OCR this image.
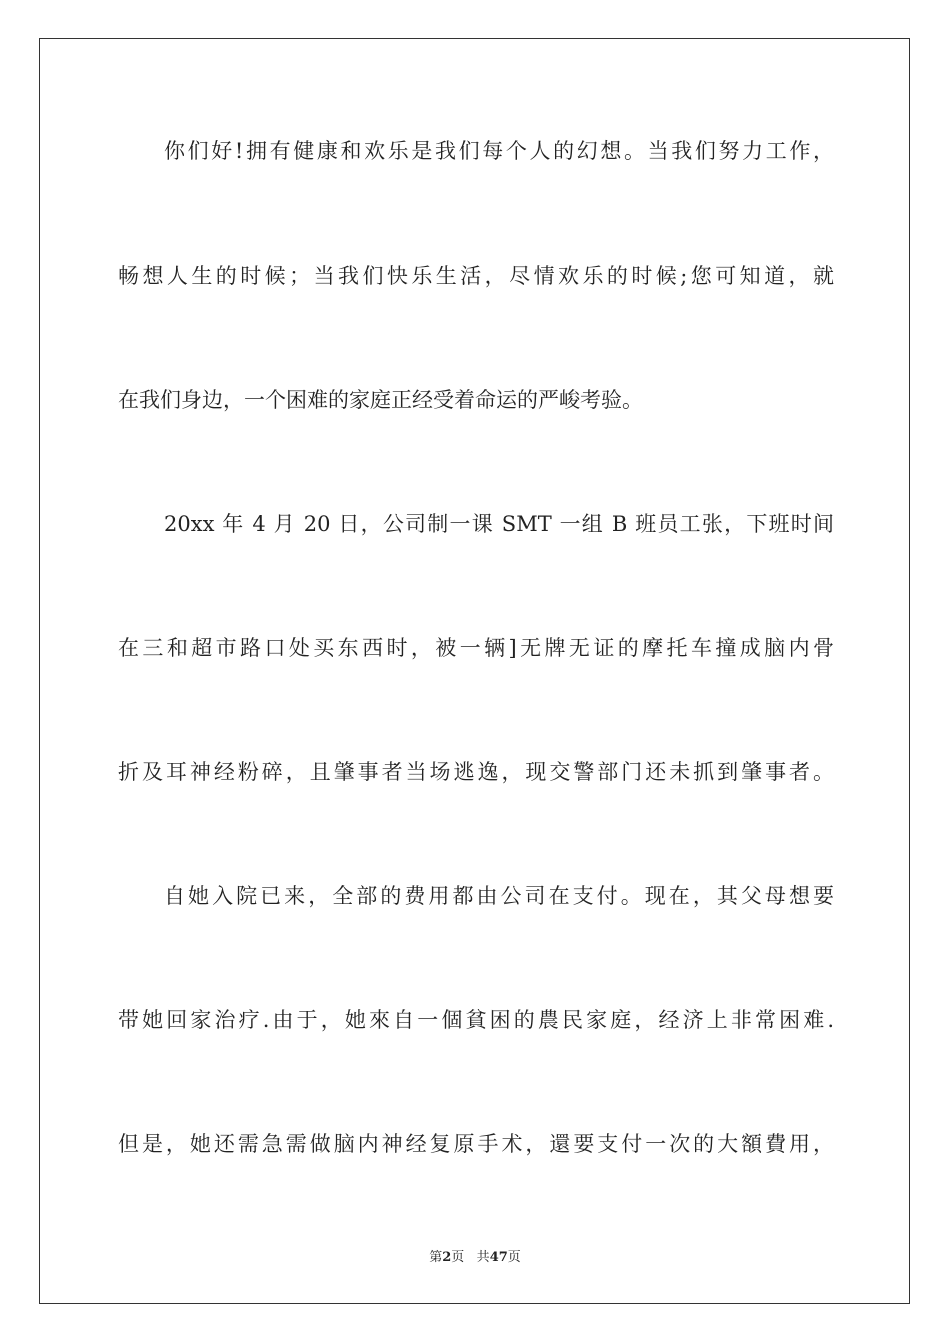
你们好!拥有健康和欢乐是我们每个人的幻想。当我们努力工作，
畅想人生的时候；当我们快乐生活，尽情欢乐的时候;您可知道，就
在我们身边，一个困难的家庭正经受着命运的严峻考验。
20xx 年 4 月 20 日，公司制一课 SMT 一组 B 班员工张，下班时间
在三和超市路口处买东西时，被一辆]无牌无证的摩托车撞成脑内骨
折及耳神经粉碎，且肇事者当场逃逸，现交警部门还未抓到肇事者。
自她入院已来，全部的费用都由公司在支付。现在，其父母想要
带她回家治疗.由于，她來自一個貧困的農民家庭，经济上非常困难.
但是，她还需急需做脑内神经复原手术，還要支付一次的大額費用，
第2页 共47页
